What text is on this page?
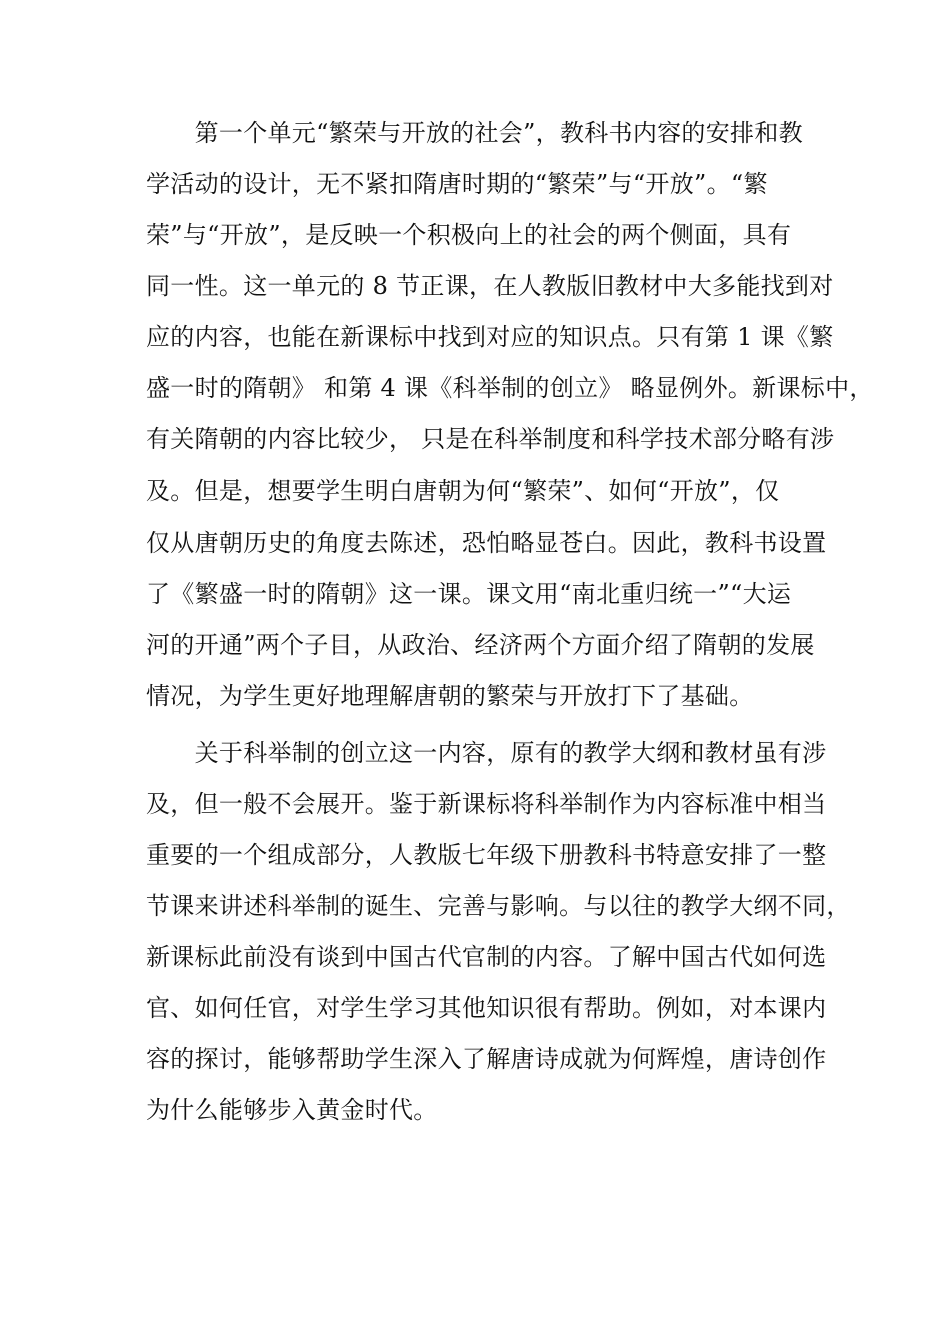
　　第一个单元“繁荣与开放的社会”，教科书内容的安排和教
学活动的设计，无不紧扣隋唐时期的“繁荣”与“开放”。“繁
荣”与“开放”，是反映一个积极向上的社会的两个侧面，具有
同一性。这一单元的 8 节正课，在人教版旧教材中大多能找到对
应的内容，也能在新课标中找到对应的知识点。只有第 1 课《繁
盛一时的隋朝》 和第 4 课《科举制的创立》 略显例外。新课标中，
有关隋朝的内容比较少， 只是在科举制度和科学技术部分略有涉
及。但是，想要学生明白唐朝为何“繁荣”、如何“开放”，仅
仅从唐朝历史的角度去陈述，恐怕略显苍白。因此，教科书设置
了《繁盛一时的隋朝》这一课。课文用“南北重归统一”“大运
河的开通”两个子目，从政治、经济两个方面介绍了隋朝的发展
情况，为学生更好地理解唐朝的繁荣与开放打下了基础。
　　关于科举制的创立这一内容，原有的教学大纲和教材虽有涉
及，但一般不会展开。鉴于新课标将科举制作为内容标准中相当
重要的一个组成部分，人教版七年级下册教科书特意安排了一整
节课来讲述科举制的诞生、完善与影响。与以往的教学大纲不同，
新课标此前没有谈到中国古代官制的内容。了解中国古代如何选
官、如何任官，对学生学习其他知识很有帮助。例如，对本课内
容的探讨，能够帮助学生深入了解唐诗成就为何辉煌，唐诗创作
为什么能够步入黄金时代。
